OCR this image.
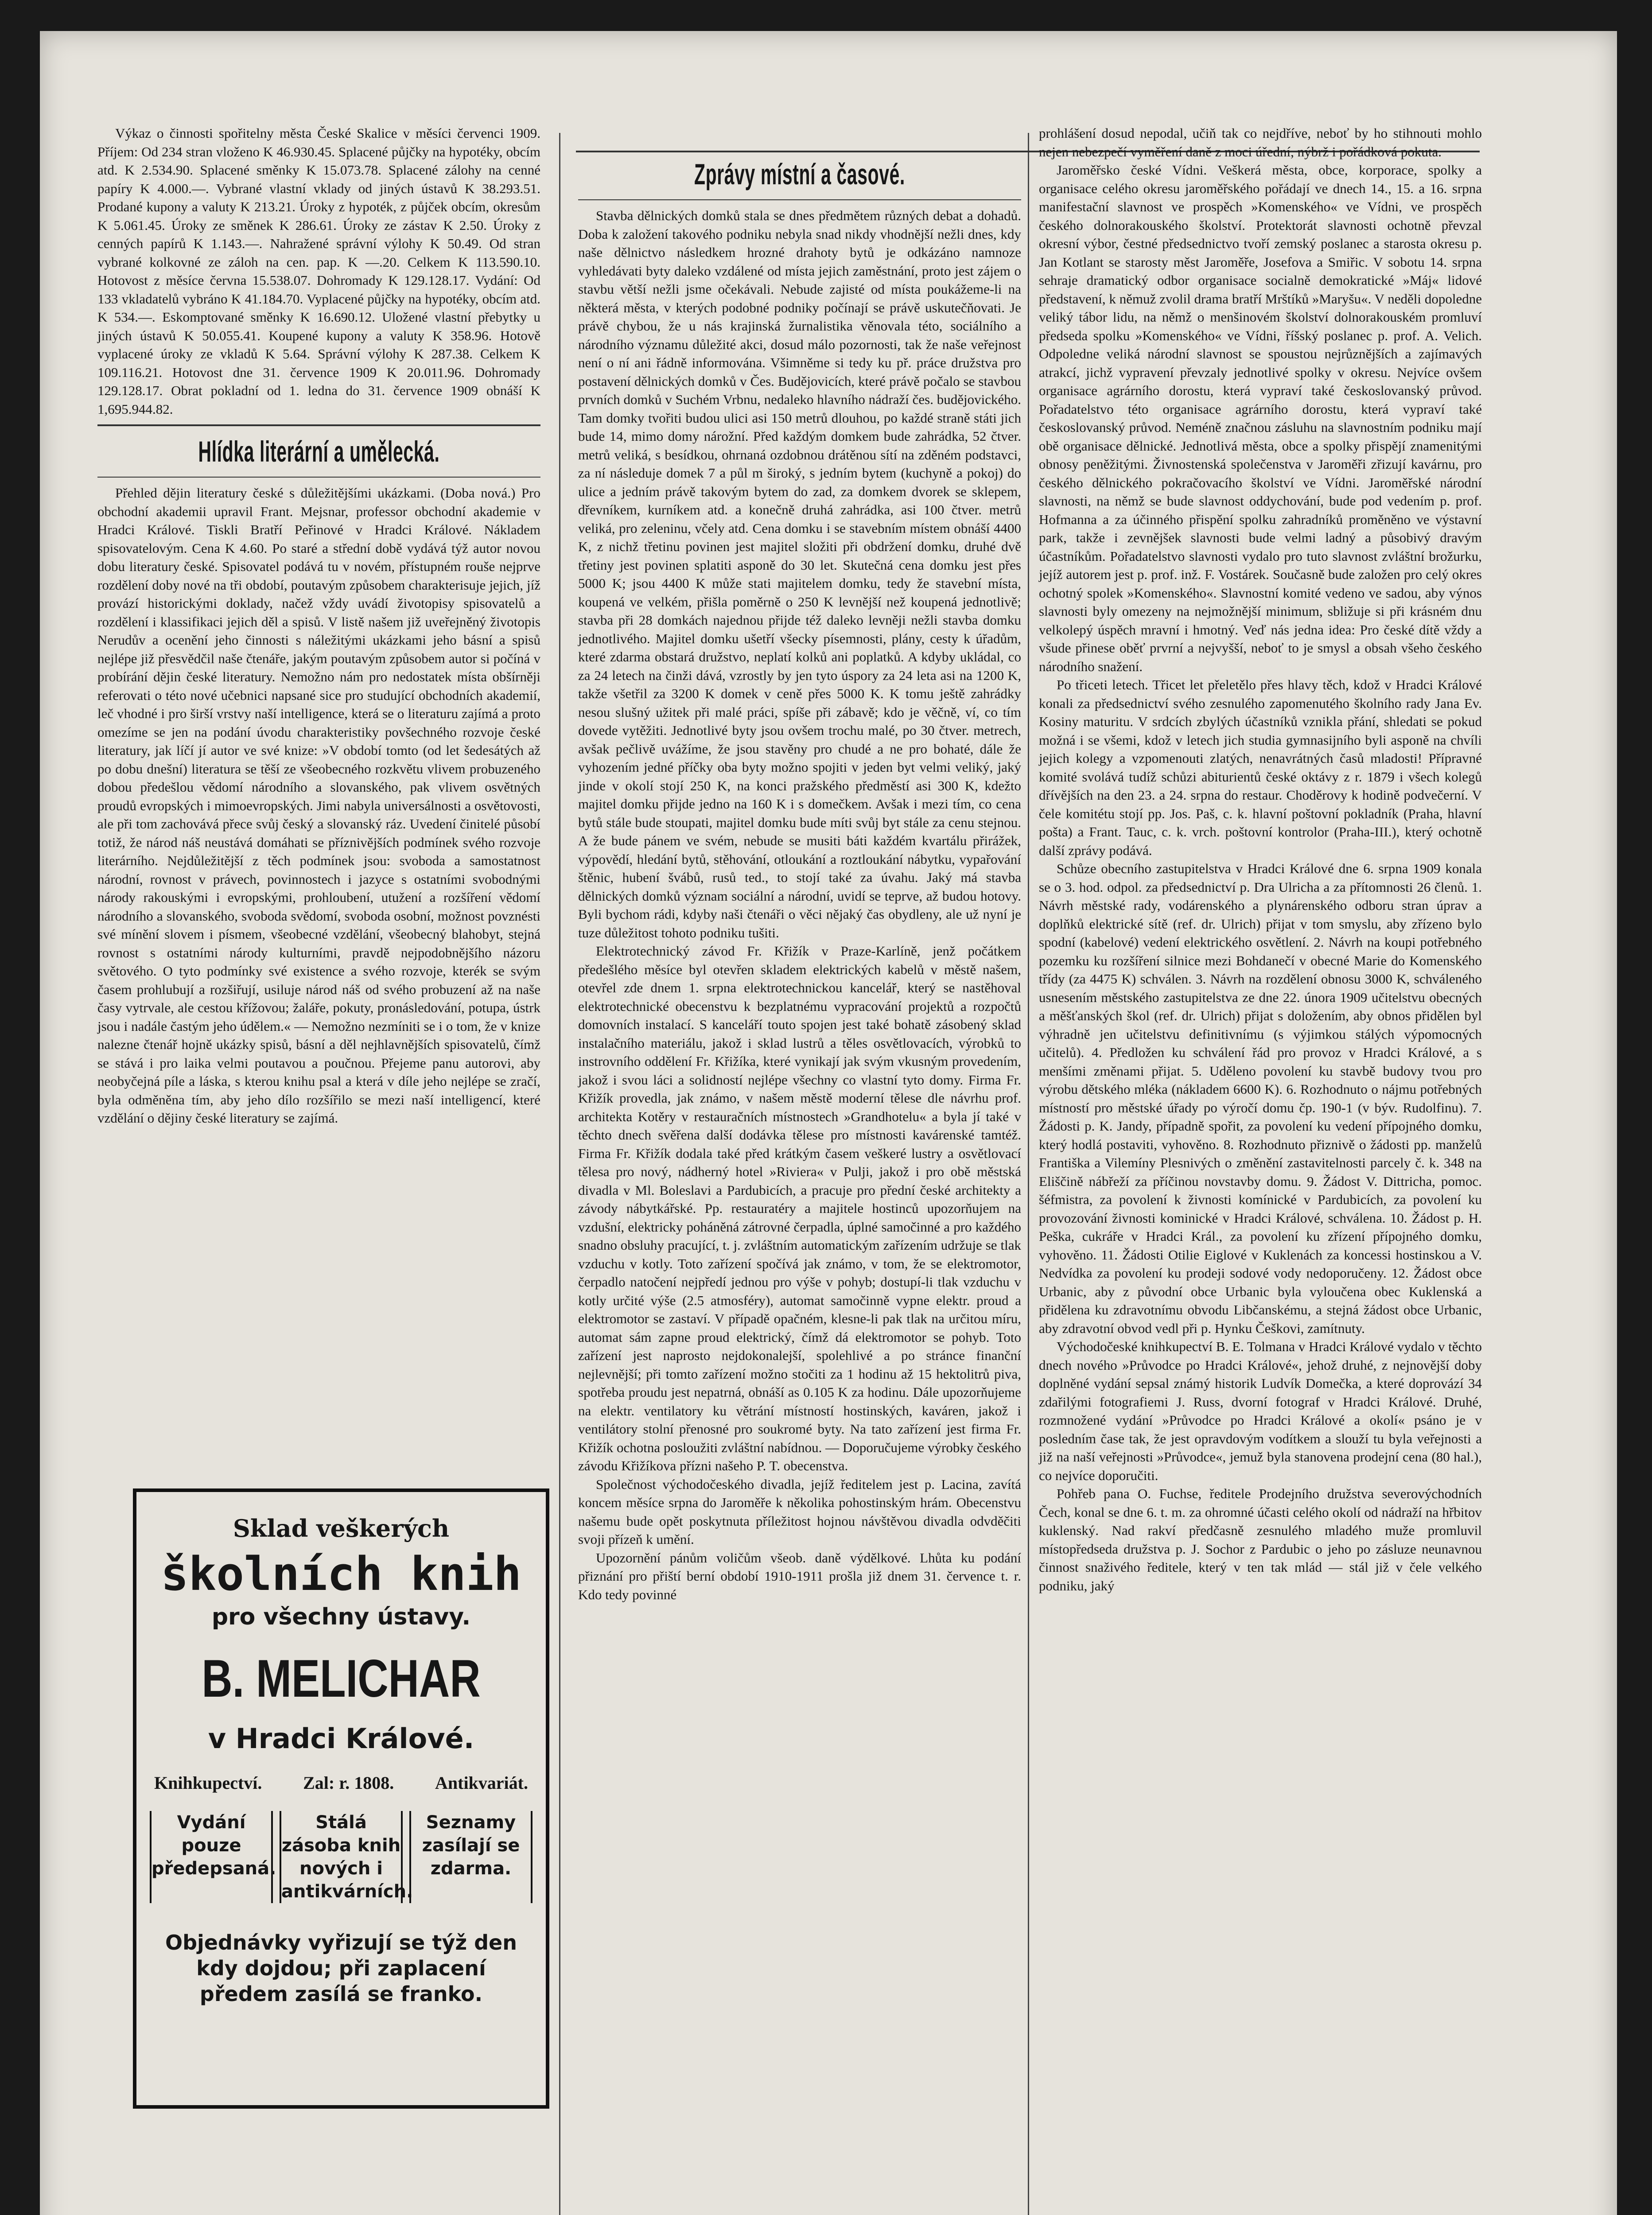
Výkaz o činnosti spořitelny města České Skalice v měsíci červenci 1909. Příjem: Od 234 stran vloženo K 46.930.45. Splacené půjčky na hypotéky, obcím atd. K 2.534.90. Splacené směnky K 15.073.78. Splacené zálohy na cenné papíry K 4.000.—. Vybrané vlastní vklady od jiných ústavů K 38.293.51. Prodané kupony a valuty K 213.21. Úroky z hypoték, z půjček obcím, okresům K 5.061.45. Úroky ze směnek K 286.61. Úroky ze zástav K 2.50. Úroky z cenných papírů K 1.143.—. Nahražené správní výlohy K 50.49. Od stran vybrané kolkovné ze záloh na cen. pap. K —.20. Celkem K 113.590.10. Hotovost z měsíce června 15.538.07. Dohromady K 129.128.17. Vydání: Od 133 vkladatelů vybráno K 41.184.70. Vyplacené půjčky na hypotéky, obcím atd. K 534.—. Eskomptované směnky K 16.690.12. Uložené vlastní přebytky u jiných ústavů K 50.055.41. Koupené kupony a valuty K 358.96. Hotově vyplacené úroky ze vkladů K 5.64. Správní výlohy K 287.38. Celkem K 109.116.21. Hotovost dne 31. července 1909 K 20.011.96. Dohromady 129.128.17. Obrat pokladní od 1. ledna do 31. července 1909 obnáší K 1,695.944.82.

Hlídka literární a umělecká.

Přehled dějin literatury české s důležitějšími ukázkami. (Doba nová.) Pro obchodní akademii upravil Frant. Mejsnar, professor obchodní akademie v Hradci Králové. Tiskli Bratří Peřinové v Hradci Králové. Nákladem spisovatelovým. Cena K 4.60. Po staré a střední době vydává týž autor novou dobu literatury české. Spisovatel podává tu v novém, přístupném rouše nejprve rozdělení doby nové na tři období, poutavým způsobem charakterisuje jejich, jíž provází historickými doklady, načež vždy uvádí životopisy spisovatelů a rozdělení i klassifikaci jejich děl a spisů. V listě našem již uveřejněný životopis Nerudův a ocenění jeho činnosti s náležitými ukázkami jeho básní a spisů nejlépe již přesvědčil naše čtenáře, jakým poutavým způsobem autor si počíná v probírání dějin české literatury. Nemožno nám pro nedostatek místa obšírněji referovati o této nové učebnici napsané sice pro studující obchodních akademií, leč vhodné i pro širší vrstvy naší intelligence, která se o literaturu zajímá a proto omezíme se jen na podání úvodu charakteristiky povšechného rozvoje české literatury, jak líčí jí autor ve své knize: »V období tomto (od let šedesátých až po dobu dnešní) literatura se těší ze všeobecného rozkvětu vlivem probuzeného dobou předešlou vědomí národního a slovanského, pak vlivem osvětných proudů evropských i mimoevropských. Jimi nabyla universálnosti a osvětovosti, ale při tom zachovává přece svůj český a slovanský ráz. Uvedení činitelé působí totiž, že národ náš neustává domáhati se příznivějších podmínek svého rozvoje literárního. Nejdůležitější z těch podmínek jsou: svoboda a samostatnost národní, rovnost v právech, povinnostech i jazyce s ostatními svobodnými národy rakouskými i evropskými, prohloubení, utužení a rozšíření vědomí národního a slovanského, svoboda svědomí, svoboda osobní, možnost povznésti své mínění slovem i písmem, všeobecné vzdělání, všeobecný blahobyt, stejná rovnost s ostatními národy kulturními, pravdě nejpodobnějšího názoru světového. O tyto podmínky své existence a svého rozvoje, kterék se svým časem prohlubují a rozšiřují, usiluje národ náš od svého probuzení až na naše časy vytrvale, ale cestou křížovou; žaláře, pokuty, pronásledování, potupa, ústrk jsou i nadále častým jeho údělem.« — Nemožno nezmíniti se i o tom, že v knize nalezne čtenář hojně ukázky spisů, básní a děl nejhlavnějších spisovatelů, čímž se stává i pro laika velmi poutavou a poučnou. Přejeme panu autorovi, aby neobyčejná píle a láska, s kterou knihu psal a která v díle jeho nejlépe se zračí, byla odměněna tím, aby jeho dílo rozšířilo se mezi naší intelligencí, které vzdělání o dějiny české literatury se zajímá.

Sklad veškerých
školních knih
pro všechny ústavy.
B. MELICHAR
v Hradci Králové.
Knihkupectví. Zal: r. 1808. Antikvariát.
Vydání pouze předepsaná.
Stálá zásoba knih nových i antikvárních.
Seznamy zasílají se zdarma.
Objednávky vyřizují se týž den kdy dojdou; při zaplacení předem zasílá se franko.
Zprávy místní a časové.

Stavba dělnických domků stala se dnes předmětem různých debat a dohadů. Doba k založení takového podniku nebyla snad nikdy vhodnější nežli dnes, kdy naše dělnictvo následkem hrozné drahoty bytů je odkázáno namnoze vyhledávati byty daleko vzdálené od místa jejich zaměstnání, proto jest zájem o stavbu větší nežli jsme očekávali. Nebude zajisté od místa poukážeme-li na některá města, v kterých podobné podniky počínají se právě uskutečňovati. Je právě chybou, že u nás krajinská žurnalistika věnovala této, sociálního a národního významu důležité akci, dosud málo pozornosti, tak že naše veřejnost není o ní ani řádně informována. Všimněme si tedy ku př. práce družstva pro postavení dělnických domků v Čes. Budějovicích, které právě počalo se stavbou prvních domků v Suchém Vrbnu, nedaleko hlavního nádraží čes. budějovického. Tam domky tvořiti budou ulici asi 150 metrů dlouhou, po každé straně státi jich bude 14, mimo domy nárožní. Před každým domkem bude zahrádka, 52 čtver. metrů veliká, s besídkou, ohrnaná ozdobnou drátěnou sítí na zděném podstavci, za ní následuje domek 7 a půl m široký, s jedním bytem (kuchyně a pokoj) do ulice a jedním právě takovým bytem do zad, za domkem dvorek se sklepem, dřevníkem, kurníkem atd. a konečně druhá zahrádka, asi 100 čtver. metrů veliká, pro zeleninu, včely atd. Cena domku i se stavebním místem obnáší 4400 K, z nichž třetinu povinen jest majitel složiti při obdržení domku, druhé dvě třetiny jest povinen splatiti asponě do 30 let. Skutečná cena domku jest přes 5000 K; jsou 4400 K může stati majitelem domku, tedy že stavební místa, koupená ve velkém, přišla poměrně o 250 K levnější než koupená jednotlivě; stavba při 28 domkách najednou přijde též daleko levněji nežli stavba domku jednotlivého. Majitel domku ušetří všecky písemnosti, plány, cesty k úřadům, které zdarma obstará družstvo, neplatí kolků ani poplatků. A kdyby ukládal, co za 24 letech na činži dává, vzrostly by jen tyto úspory za 24 leta asi na 1200 K, takže všetřil za 3200 K domek v ceně přes 5000 K. K tomu ještě zahrádky nesou slušný užitek při malé práci, spíše při zábavě; kdo je věčně, ví, co tím dovede vytěžiti. Jednotlivé byty jsou ovšem trochu malé, po 30 čtver. metrech, avšak pečlivě uvážíme, že jsou stavěny pro chudé a ne pro bohaté, dále že vyhozením jedné příčky oba byty možno spojiti v jeden byt velmi veliký, jaký jinde v okolí stojí 250 K, na konci pražského předměstí asi 300 K, kdežto majitel domku přijde jedno na 160 K i s domečkem. Avšak i mezi tím, co cena bytů stále bude stoupati, majitel domku bude míti svůj byt stále za cenu stejnou. A že bude pánem ve svém, nebude se musiti báti každém kvartálu přirážek, výpovědí, hledání bytů, stěhování, otloukání a roztloukání nábytku, vypařování štěnic, hubení švábů, rusů ted., to stojí také za úvahu. Jaký má stavba dělnických domků význam sociální a národní, uvidí se teprve, až budou hotovy. Byli bychom rádi, kdyby naši čtenáři o věci nějaký čas obydleny, ale už nyní je tuze důležitost tohoto podniku tušiti.

Elektrotechnický závod Fr. Křižík v Praze-Karlíně, jenž počátkem předešlého měsíce byl otevřen skladem elektrických kabelů v městě našem, otevřel zde dnem 1. srpna elektrotechnickou kancelář, který se nastěhoval elektrotechnické obecenstvu k bezplatnému vypracování projektů a rozpočtů domovních instalací. S kanceláří touto spojen jest také bohatě zásobený sklad instalačního materiálu, jakož i sklad lustrů a těles osvětlovacích, výrobků to instrovního oddělení Fr. Křižíka, které vynikají jak svým vkusným provedením, jakož i svou láci a solidností nejlépe všechny co vlastní tyto domy. Firma Fr. Křižík provedla, jak známo, v našem městě moderní tělese dle návrhu prof. architekta Kotěry v restauračních místnostech »Grandhotelu« a byla jí také v těchto dnech svěřena další dodávka tělese pro místnosti kavárenské tamtéž. Firma Fr. Křižík dodala také před krátkým časem veškeré lustry a osvětlovací tělesa pro nový, nádherný hotel »Riviera« v Pulji, jakož i pro obě městská divadla v Ml. Boleslavi a Pardubicích, a pracuje pro přední české architekty a závody nábytkářské. Pp. restauratéry a majitele hostinců upozorňujem na vzdušní, elektricky poháněná zátrovné čerpadla, úplné samočinné a pro každého snadno obsluhy pracující, t. j. zvláštním automatickým zařízením udržuje se tlak vzduchu v kotly. Toto zařízení spočívá jak známo, v tom, že se elektromotor, čerpadlo natočení nejpředí jednou pro výše v pohyb; dostupí-li tlak vzduchu v kotly určité výše (2.5 atmosféry), automat samočinně vypne elektr. proud a elektromotor se zastaví. V případě opačném, klesne-li pak tlak na určitou míru, automat sám zapne proud elektrický, čímž dá elektromotor se pohyb. Toto zařízení jest naprosto nejdokonalejší, spolehlivé a po stránce finanční nejlevnější; při tomto zařízení možno stočiti za 1 hodinu až 15 hektolitrů piva, spotřeba proudu jest nepatrná, obnáší as 0.105 K za hodinu. Dále upozorňujeme na elektr. ventilatory ku větrání místností hostinských, kaváren, jakož i ventilátory stolní přenosné pro soukromé byty. Na tato zařízení jest firma Fr. Křižík ochotna posloužiti zvláštní nabídnou. — Doporučujeme výrobky českého závodu Křižíkova přízni našeho P. T. obecenstva.

Společnost východočeského divadla, jejíž ředitelem jest p. Lacina, zavítá koncem měsíce srpna do Jaroměře k několika pohostinským hrám. Obecenstvu našemu bude opět poskytnuta příležitost hojnou návštěvou divadla odvděčiti svoji přízeň k umění.

Upozornění pánům voličům všeob. daně výdělkové. Lhůta ku podání přiznání pro přiští berní období 1910-1911 prošla již dnem 31. července t. r. Kdo tedy povinné

prohlášení dosud nepodal, učiň tak co nejdříve, neboť by ho stihnouti mohlo nejen nebezpečí vyměření daně z moci úřední, nýbrž i pořádková pokuta.

Jaroměřsko české Vídni. Veškerá města, obce, korporace, spolky a organisace celého okresu jaroměřského pořádají ve dnech 14., 15. a 16. srpna manifestační slavnost ve prospěch »Komenského« ve Vídni, ve prospěch českého dolnorakouského školství. Protektorát slavnosti ochotně převzal okresní výbor, čestné předsednictvo tvoří zemský poslanec a starosta okresu p. Jan Kotlant se starosty měst Jaroměře, Josefova a Smiřic. V sobotu 14. srpna sehraje dramatický odbor organisace socialně demokratické »Máj« lidové představení, k němuž zvolil drama bratří Mrštíků »Maryšu«. V neděli dopoledne veliký tábor lidu, na němž o menšinovém školství dolnorakouském promluví předseda spolku »Komenského« ve Vídni, říšský poslanec p. prof. A. Velich. Odpoledne veliká národní slavnost se spoustou nejrůznějších a zajímavých atrakcí, jichž vypravení převzaly jednotlivé spolky v okresu. Nejvíce ovšem organisace agrárního dorostu, která vypraví také českoslovanský průvod. Pořadatelstvo této organisace agrárního dorostu, která vypraví také českoslovanský průvod. Neméně značnou zásluhu na slavnostním podniku mají obě organisace dělnické. Jednotlivá města, obce a spolky přispějí znamenitými obnosy peněžitými. Živnostenská společenstva v Jaroměři zřizují kavárnu, pro českého dělnického pokračovacího školství ve Vídni. Jaroměřské národní slavnosti, na němž se bude slavnost oddychování, bude pod vedením p. prof. Hofmanna a za účinného přispění spolku zahradníků proměněno ve výstavní park, takže i zevnějšek slavnosti bude velmi ladný a působivý dravým účastníkům. Pořadatelstvo slavnosti vydalo pro tuto slavnost zvláštní brožurku, jejíž autorem jest p. prof. inž. F. Vostárek. Současně bude založen pro celý okres ochotný spolek »Komenského«. Slavnostní komité vedeno ve sadou, aby výnos slavnosti byly omezeny na nejmožnější minimum, sbližuje si při krásném dnu velkolepý úspěch mravní i hmotný. Veď nás jedna idea: Pro české dítě vždy a všude přinese oběť prvrní a nejvyšší, neboť to je smysl a obsah všeho českého národního snažení.

Po třiceti letech. Třicet let přeletělo přes hlavy těch, kdož v Hradci Králové konali za předsednictví svého zesnulého zapomenutého školního rady Jana Ev. Kosiny maturitu. V srdcích zbylých účastníků vznikla přání, shledati se pokud možná i se všemi, kdož v letech jich studia gymnasijního byli asponě na chvíli jejich kolegy a vzpomenouti zlatých, nenavrátných časů mladosti! Přípravné komité svolává tudíž schůzi abiturientů české oktávy z r. 1879 i všech kolegů dřívějších na den 23. a 24. srpna do restaur. Choděrovy k hodině podvečerní. V čele komitétu stojí pp. Jos. Paš, c. k. hlavní poštovní pokladník (Praha, hlavní pošta) a Frant. Tauc, c. k. vrch. poštovní kontrolor (Praha-III.), který ochotně další zprávy podává.

Schůze obecního zastupitelstva v Hradci Králové dne 6. srpna 1909 konala se o 3. hod. odpol. za předsednictví p. Dra Ulricha a za přítomnosti 26 členů. 1. Návrh městské rady, vodárenského a plynárenského odboru stran úprav a doplňků elektrické sítě (ref. dr. Ulrich) přijat v tom smyslu, aby zřízeno bylo spodní (kabelové) vedení elektrického osvětlení. 2. Návrh na koupi potřebného pozemku ku rozšíření silnice mezi Bohdanečí v obecné Marie do Komenského třídy (za 4475 K) schválen. 3. Návrh na rozdělení obnosu 3000 K, schváleného usnesením městského zastupitelstva ze dne 22. února 1909 učitelstvu obecných a měšťanských škol (ref. dr. Ulrich) přijat s doložením, aby obnos přidělen byl výhradně jen učitelstvu definitivnímu (s výjimkou stálých výpomocných učitelů). 4. Předložen ku schválení řád pro provoz v Hradci Králové, a s menšími změnami přijat. 5. Uděleno povolení ku stavbě budovy tvou pro výrobu dětského mléka (nákladem 6600 K). 6. Rozhodnuto o nájmu potřebných místností pro městské úřady po výročí domu čp. 190-1 (v býv. Rudolfinu). 7. Žádosti p. K. Jandy, případně spořit, za povolení ku vedení přípojného domku, který hodlá postaviti, vyhověno. 8. Rozhodnuto přiznivě o žádosti pp. manželů Františka a Vilemíny Plesnivých o změnění zastavitelnosti parcely č. k. 348 na Eliščině nábřeží za příčinou novstavby domu. 9. Žádost V. Dittricha, pomoc. šéfmistra, za povolení k živnosti komínické v Pardubicích, za povolení ku provozování živnosti kominické v Hradci Králové, schválena. 10. Žádost p. H. Peška, cukráře v Hradci Král., za povolení ku zřízení přípojného domku, vyhověno. 11. Žádosti Otilie Eiglové v Kuklenách za koncessi hostinskou a V. Nedvídka za povolení ku prodeji sodové vody nedoporučeny. 12. Žádost obce Urbanic, aby z původní obce Urbanic byla vyloučena obec Kuklenská a přidělena ku zdravotnímu obvodu Libčanskému, a stejná žádost obce Urbanic, aby zdravotní obvod vedl při p. Hynku Češkovi, zamítnuty.

Východočeské knihkupectví B. E. Tolmana v Hradci Králové vydalo v těchto dnech nového »Průvodce po Hradci Králové«, jehož druhé, z nejnovější doby doplněné vydání sepsal známý historik Ludvík Domečka, a které doprovází 34 zdařilými fotografiemi J. Russ, dvorní fotograf v Hradci Králové. Druhé, rozmnožené vydání »Průvodce po Hradci Králové a okolí« psáno je v posledním čase tak, že jest opravdovým vodítkem a slouží tu byla veřejnosti a již na naší veřejnosti »Průvodce«, jemuž byla stanovena prodejní cena (80 hal.), co nejvíce doporučiti.

Pohřeb pana O. Fuchse, ředitele Prodejního družstva severovýchodních Čech, konal se dne 6. t. m. za ohromné účasti celého okolí od nádraží na hřbitov kuklenský. Nad rakví předčasně zesnulého mladého muže promluvil místopředseda družstva p. J. Sochor z Pardubic o jeho po zásluze neunavnou činnost snaživého ředitele, který v ten tak mlád — stál již v čele velkého podniku, jaký
